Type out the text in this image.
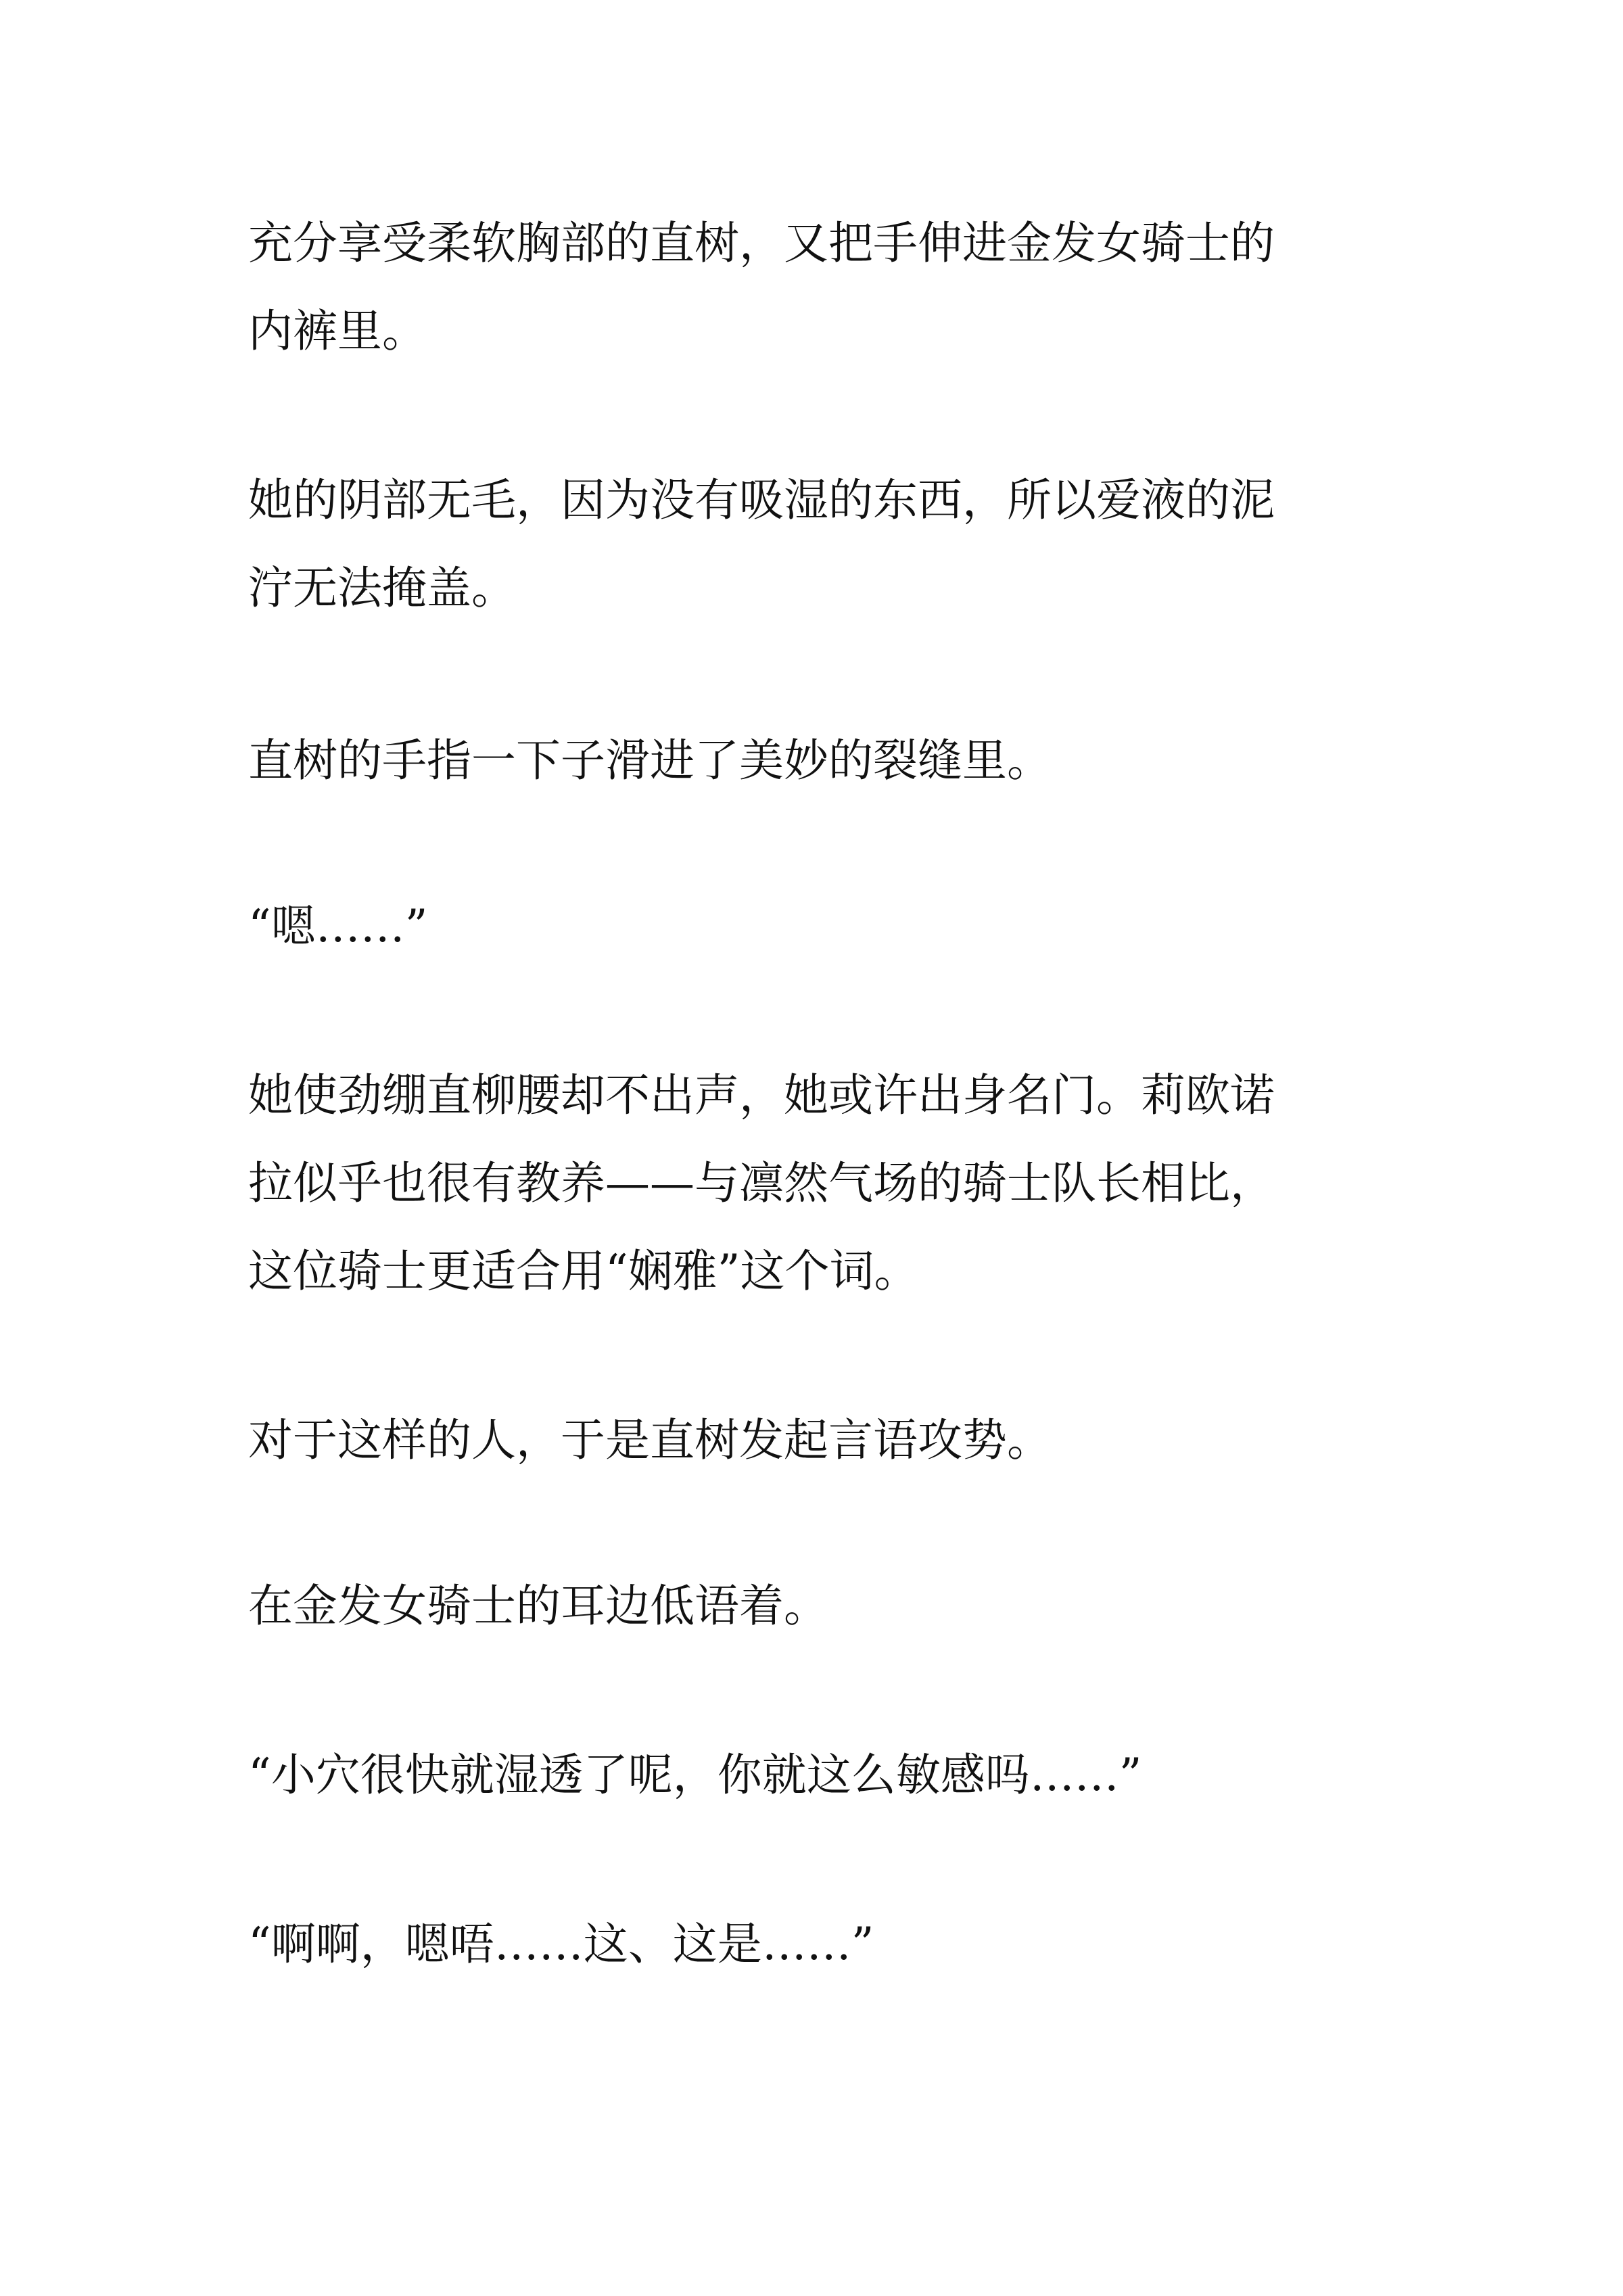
充分享受柔软胸部的直树，又把手伸进金发女骑士的
内裤里。
她的阴部无毛，因为没有吸湿的东西，所以爱液的泥
泞无法掩盖。
直树的手指一下子滑进了美妙的裂缝里。
“嗯……”
她使劲绷直柳腰却不出声，她或许出身名门。莉欧诺
拉似乎也很有教养——与凛然气场的骑士队长相比，
这位骑士更适合用“娴雅”这个词。
对于这样的人，于是直树发起言语攻势。
在金发女骑士的耳边低语着。
“小穴很快就湿透了呢，你就这么敏感吗……”
“啊啊，嗯唔……这、这是……”
